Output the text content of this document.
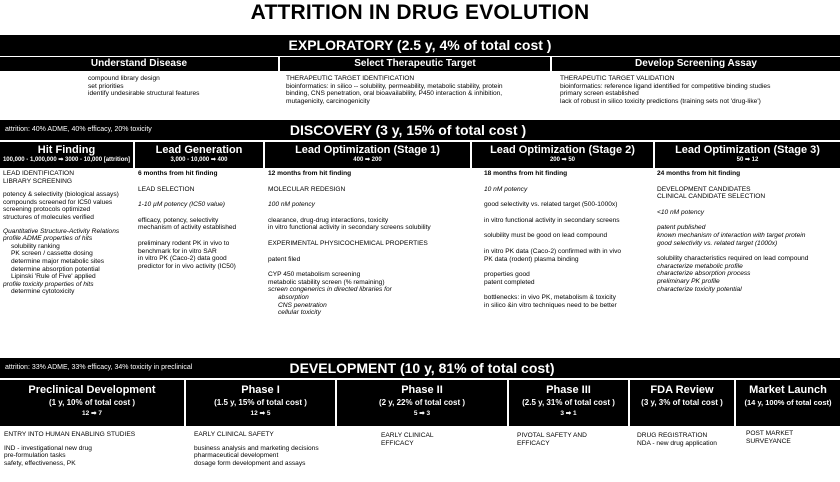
ATTRITION IN DRUG EVOLUTION
EXPLORATORY (2.5 y, 4% of total cost )
Understand Disease
compound library design
set priorities
identify undesirable structural features
Select Therapeutic Target
THERAPEUTIC TARGET IDENTIFICATION
bioinformatics: in silico -- solubility, permeability, metabolic stability, protein
binding, CNS penetration, oral bioavailability, P450 interaction & inhibition,
mutagenicity, carcinogenicity
Develop Screening Assay
THERAPEUTIC TARGET VALIDATION
bioinformatics: reference ligand identified for competitive binding studies
primary screen established
lack of robust in silico toxicity predictions (training sets not 'drug-like')
DISCOVERY (3 y, 15% of total cost )
attrition: 40% ADME, 40% efficacy, 20% toxicity
Hit Finding
100,000 - 1,000,000 ➡ 3000 - 10,000 [attrition]
Lead Generation
3,000 - 10,000 ➡ 400
Lead Optimization (Stage 1)
400 ➡ 200
Lead Optimization (Stage 2)
200 ➡ 50
Lead Optimization (Stage 3)
50 ➡ 12
LEAD IDENTIFICATION
LIBRARY SCREENING
potency & selectivity (biological assays)
compounds screened for IC50 values
screening protocols optimized
structures of molecules verified
Quantitative Structure-Activity Relations
profile ADME properties of hits
solubility ranking
PK screen / cassette dosing
determine major metabolic sites
determine absorption potential
Lipinski 'Rule of Five' applied
profile toxicity properties of hits
determine cytotoxicity
6 months from hit finding
LEAD SELECTION
1-10 µM potency (IC50 value)
efficacy, potency, selectivity
mechanism of activity established
preliminary rodent PK in vivo to
benchmark for in vitro SAR
in vitro PK (Caco-2) data good
predictor for in vivo activity (IC50)
12 months from hit finding
MOLECULAR REDESIGN
100 nM potency
clearance, drug-drug interactions, toxicity
in vitro functional activity in secondary screens solubility
EXPERIMENTAL PHYSICOCHEMICAL PROPERTIES
patent filed
CYP 450 metabolism screening
metabolic stability screen (% remaining)
screen congenerics in directed libraries for
absorption
CNS penetration
cellular toxicity
18 months from hit finding
10 nM potency
good selectivity vs. related target (500-1000x)
in vitro functional activity in secondary screens
solubility must be good on lead compound
in vitro PK data (Caco-2) confirmed with in vivo
PK data (rodent) plasma binding
properties good
patent completed
bottlenecks: in vivo PK, metabolism & toxicity
in silico &in vitro techniques need to be better
24 months from hit finding
DEVELOPMENT CANDIDATES
CLINICAL CANDIDATE SELECTION
<10 nM potency
patent published
known mechanism of interaction with target protein
good selectivity vs. related target (1000x)
solubility characteristics required on lead compound
characterize metabolic profile
characterize absorption process
preliminary PK profile
characterize toxicity potential
DEVELOPMENT (10 y, 81% of total cost)
attrition: 33% ADME, 33% efficacy, 34% toxicity in preclinical
Preclinical Development
(1 y, 10% of total cost )
12 ➡ 7
Phase I
(1.5 y, 15% of total cost )
12 ➡ 5
Phase II
(2 y, 22% of total cost )
5 ➡ 3
Phase III
(2.5 y, 31% of total cost )
3 ➡ 1
FDA Review
(3 y, 3% of total cost )
Market Launch
(14 y, 100% of total cost)
ENTRY INTO HUMAN ENABLING STUDIES
IND - investigational new drug
pre-formulation tasks
safety, effectiveness, PK
EARLY CLINICAL SAFETY
business analysis and marketing decisions
pharmaceutical development
dosage form development and assays
EARLY CLINICAL
EFFICACY
PIVOTAL SAFETY AND
EFFICACY
DRUG REGISTRATION
NDA - new drug application
POST MARKET
SURVEYANCE
